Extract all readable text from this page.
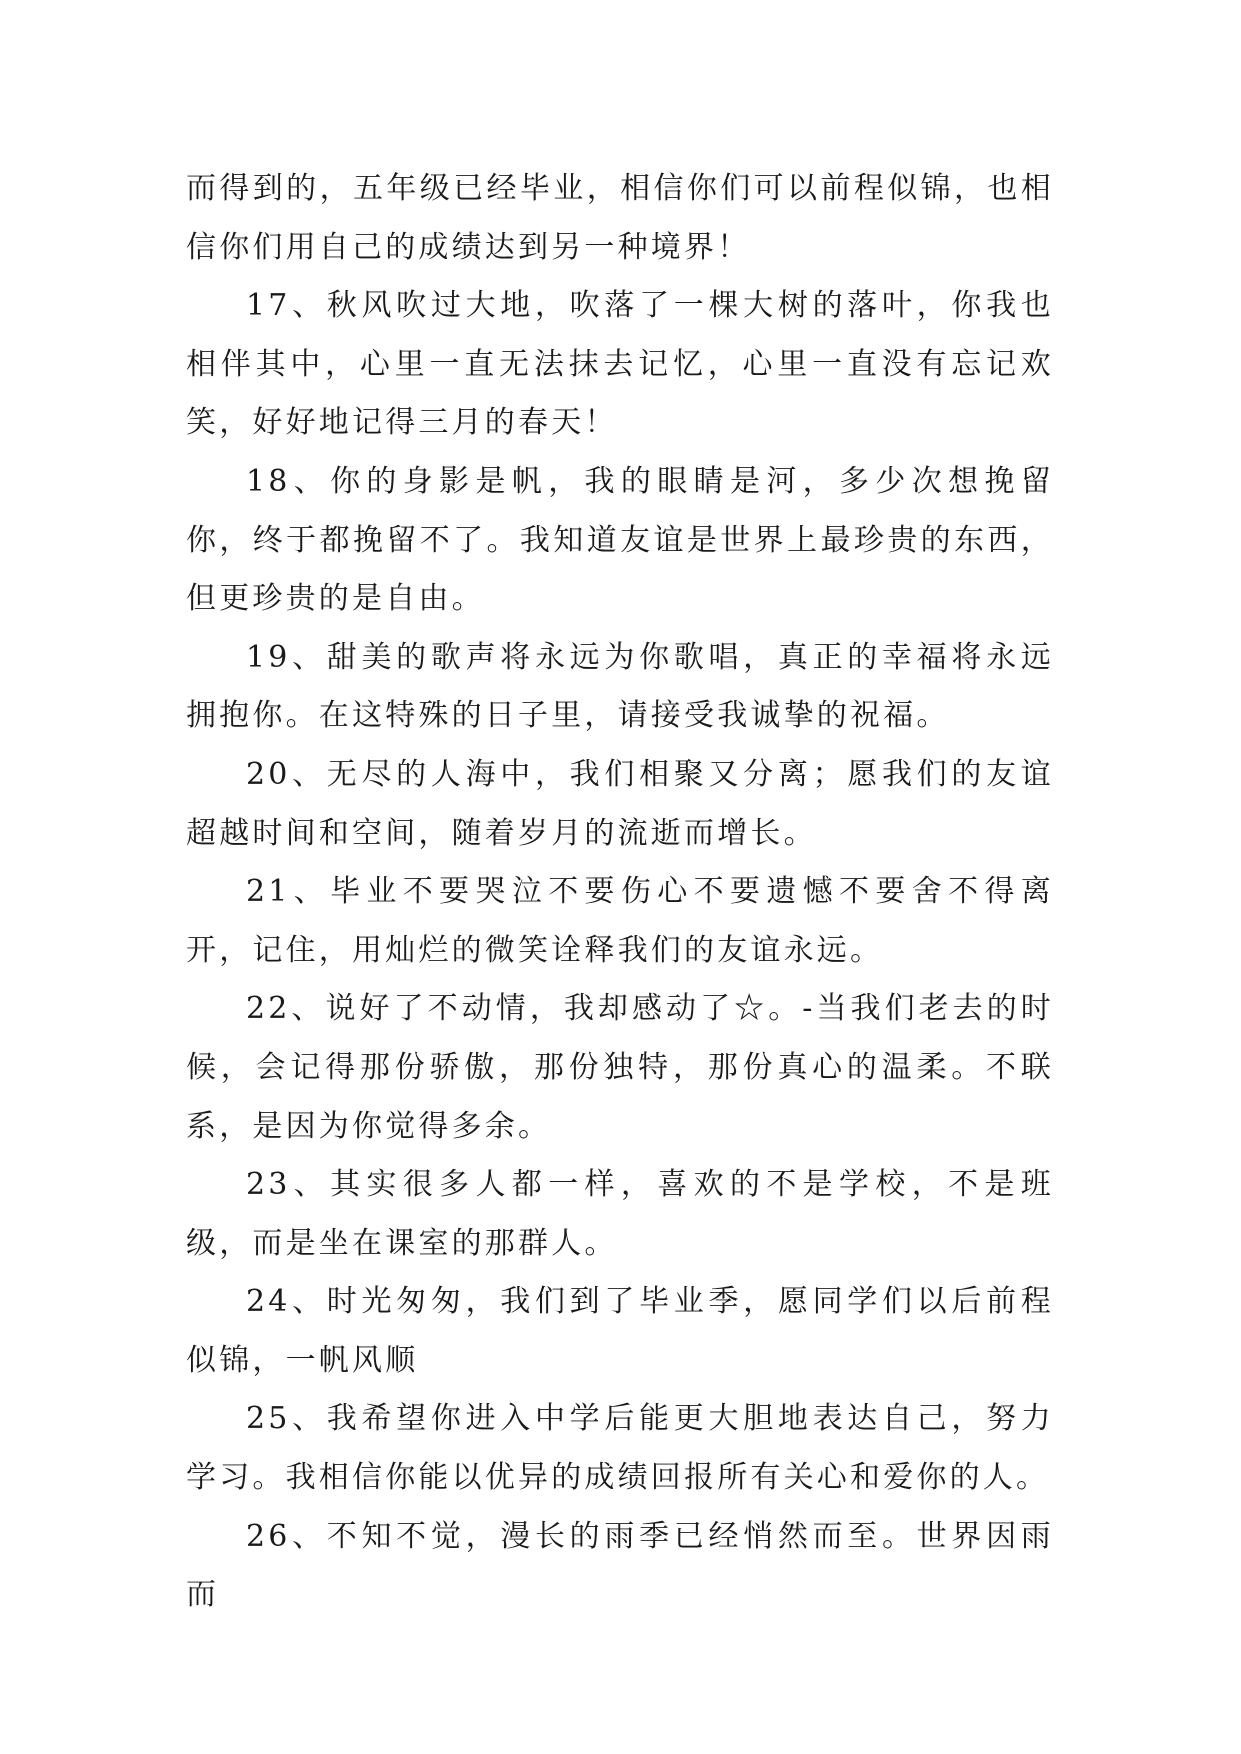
而得到的，五年级已经毕业，相信你们可以前程似锦，也相信你们用自己的成绩达到另一种境界！

17、秋风吹过大地，吹落了一棵大树的落叶，你我也相伴其中，心里一直无法抹去记忆，心里一直没有忘记欢笑，好好地记得三月的春天！

18、你的身影是帆，我的眼睛是河，多少次想挽留你，终于都挽留不了。我知道友谊是世界上最珍贵的东西，但更珍贵的是自由。

19、甜美的歌声将永远为你歌唱，真正的幸福将永远拥抱你。在这特殊的日子里，请接受我诚挚的祝福。

20、无尽的人海中，我们相聚又分离；愿我们的友谊超越时间和空间，随着岁月的流逝而增长。

21、毕业不要哭泣不要伤心不要遗憾不要舍不得离开，记住，用灿烂的微笑诠释我们的友谊永远。

22、说好了不动情，我却感动了☆。-当我们老去的时候，会记得那份骄傲，那份独特，那份真心的温柔。不联系，是因为你觉得多余。

23、其实很多人都一样，喜欢的不是学校，不是班级，而是坐在课室的那群人。

24、时光匆匆，我们到了毕业季，愿同学们以后前程似锦，一帆风顺

25、我希望你进入中学后能更大胆地表达自己，努力学习。我相信你能以优异的成绩回报所有关心和爱你的人。

26、不知不觉，漫长的雨季已经悄然而至。世界因雨而
